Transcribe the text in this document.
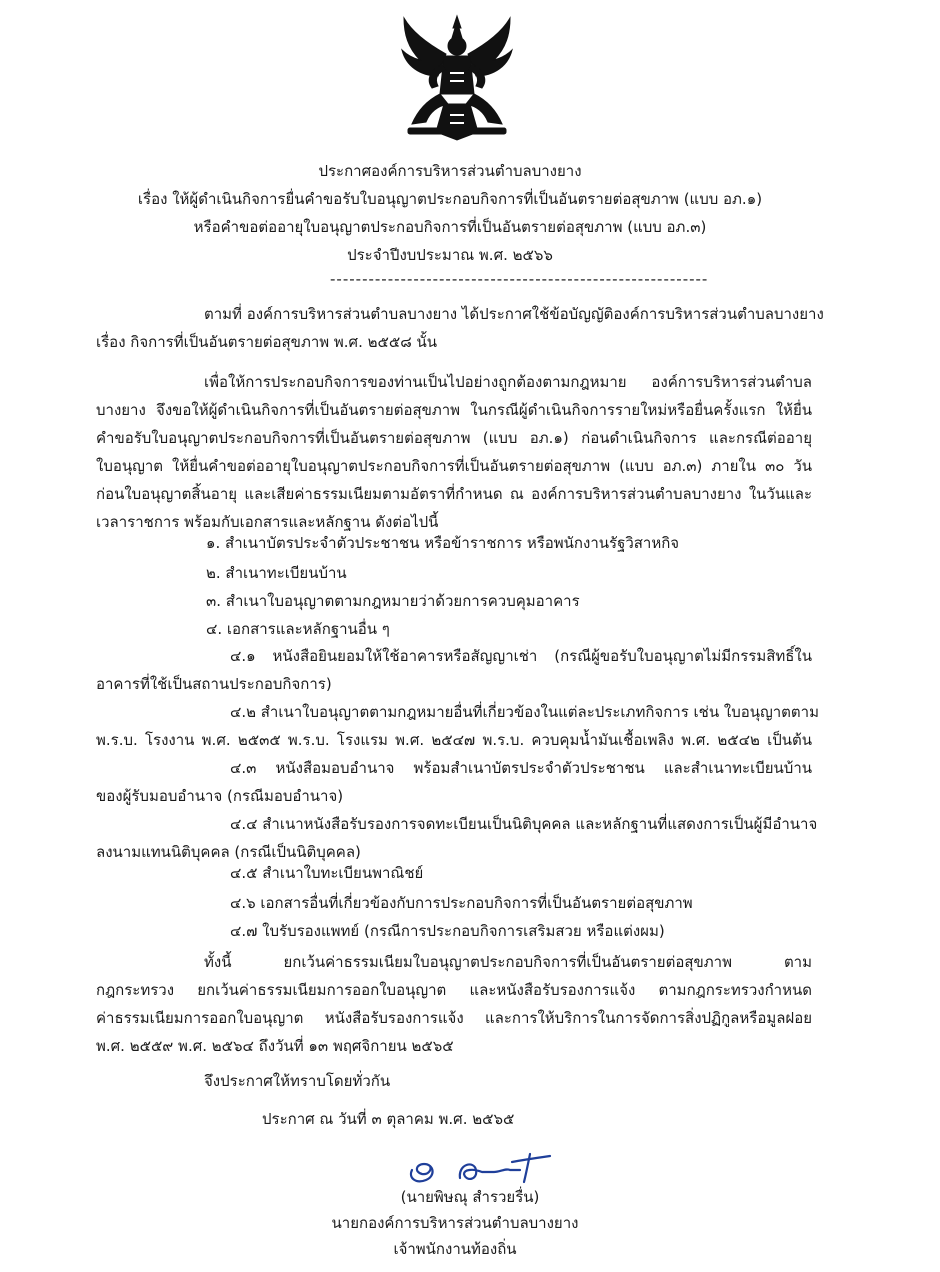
ประกาศองค์การบริหารส่วนตำบลบางยาง
เรื่อง ให้ผู้ดำเนินกิจการยื่นคำขอรับใบอนุญาตประกอบกิจการที่เป็นอันตรายต่อสุขภาพ (แบบ อภ.๑)
หรือคำขอต่ออายุใบอนุญาตประกอบกิจการที่เป็นอันตรายต่อสุขภาพ (แบบ อภ.๓)
ประจำปีงบประมาณ พ.ศ. ๒๕๖๖
-----------------------------------------------------------
ตามที่ องค์การบริหารส่วนตำบลบางยาง ได้ประกาศใช้ข้อบัญญัติองค์การบริหารส่วนตำบลบางยาง
เรื่อง กิจการที่เป็นอันตรายต่อสุขภาพ พ.ศ. ๒๕๕๘ นั้น
เพื่อให้การประกอบกิจการของท่านเป็นไปอย่างถูกต้องตามกฎหมาย องค์การบริหารส่วนตำบล
บางยาง จึงขอให้ผู้ดำเนินกิจการที่เป็นอันตรายต่อสุขภาพ ในกรณีผู้ดำเนินกิจการรายใหม่หรือยื่นครั้งแรก ให้ยื่น
คำขอรับใบอนุญาตประกอบกิจการที่เป็นอันตรายต่อสุขภาพ (แบบ อภ.๑) ก่อนดำเนินกิจการ และกรณีต่ออายุ
ใบอนุญาต ให้ยื่นคำขอต่ออายุใบอนุญาตประกอบกิจการที่เป็นอันตรายต่อสุขภาพ (แบบ อภ.๓) ภายใน ๓๐ วัน
ก่อนใบอนุญาตสิ้นอายุ และเสียค่าธรรมเนียมตามอัตราที่กำหนด ณ องค์การบริหารส่วนตำบลบางยาง ในวันและ
เวลาราชการ พร้อมกับเอกสารและหลักฐาน ดังต่อไปนี้
๑. สำเนาบัตรประจำตัวประชาชน หรือข้าราชการ หรือพนักงานรัฐวิสาหกิจ
๒. สำเนาทะเบียนบ้าน
๓. สำเนาใบอนุญาตตามกฎหมายว่าด้วยการควบคุมอาคาร
๔. เอกสารและหลักฐานอื่น ๆ
๔.๑ หนังสือยินยอมให้ใช้อาคารหรือสัญญาเช่า (กรณีผู้ขอรับใบอนุญาตไม่มีกรรมสิทธิ์ใน
อาคารที่ใช้เป็นสถานประกอบกิจการ)
๔.๒ สำเนาใบอนุญาตตามกฎหมายอื่นที่เกี่ยวข้องในแต่ละประเภทกิจการ เช่น ใบอนุญาตตาม
พ.ร.บ. โรงงาน พ.ศ. ๒๕๓๕ พ.ร.บ. โรงแรม พ.ศ. ๒๕๔๗ พ.ร.บ. ควบคุมน้ำมันเชื้อเพลิง พ.ศ. ๒๕๔๒ เป็นต้น
๔.๓ หนังสือมอบอำนาจ พร้อมสำเนาบัตรประจำตัวประชาชน และสำเนาทะเบียนบ้าน
ของผู้รับมอบอำนาจ (กรณีมอบอำนาจ)
๔.๔ สำเนาหนังสือรับรองการจดทะเบียนเป็นนิติบุคคล และหลักฐานที่แสดงการเป็นผู้มีอำนาจ
ลงนามแทนนิติบุคคล (กรณีเป็นนิติบุคคล)
๔.๕ สำเนาใบทะเบียนพาณิชย์
๔.๖ เอกสารอื่นที่เกี่ยวข้องกับการประกอบกิจการที่เป็นอันตรายต่อสุขภาพ
๔.๗ ใบรับรองแพทย์ (กรณีการประกอบกิจการเสริมสวย หรือแต่งผม)
ทั้งนี้ ยกเว้นค่าธรรมเนียมใบอนุญาตประกอบกิจการที่เป็นอันตรายต่อสุขภาพ ตาม
กฎกระทรวง ยกเว้นค่าธรรมเนียมการออกใบอนุญาต และหนังสือรับรองการแจ้ง ตามกฎกระทรวงกำหนด
ค่าธรรมเนียมการออกใบอนุญาต หนังสือรับรองการแจ้ง และการให้บริการในการจัดการสิ่งปฏิกูลหรือมูลฝอย
พ.ศ. ๒๕๕๙ พ.ศ. ๒๕๖๔ ถึงวันที่ ๑๓ พฤศจิกายน ๒๕๖๕
จึงประกาศให้ทราบโดยทั่วกัน
ประกาศ ณ วันที่ ๓ ตุลาคม พ.ศ. ๒๕๖๕
(นายพิษณุ สำรวยรื่น)
นายกองค์การบริหารส่วนตำบลบางยาง
เจ้าพนักงานท้องถิ่น
